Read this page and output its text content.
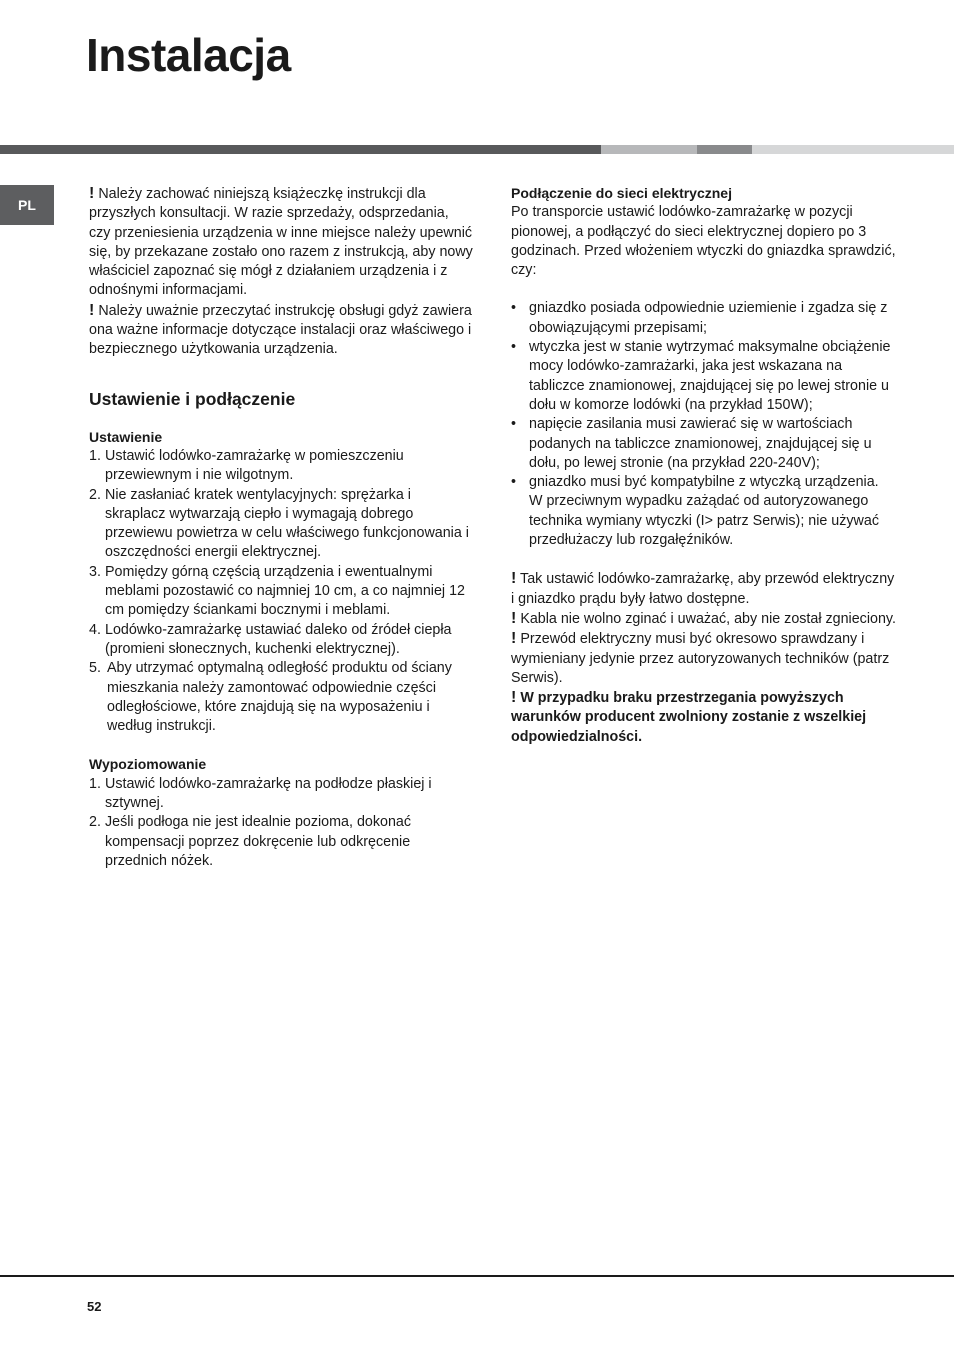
Instalacja
PL

! Należy zachować niniejszą książeczkę instrukcji dla przyszłych konsultacji. W razie sprzedaży, odsprzedania, czy przeniesienia urządzenia w inne miejsce należy upewnić się, by przekazane zostało ono razem z instrukcją, aby nowy właściciel zapoznać się mógł z działaniem urządzenia i z odnośnymi informacjami.

! Należy uważnie przeczytać instrukcję obsługi gdyż zawiera ona ważne informacje dotyczące instalacji oraz właściwego i bezpiecznego użytkowania urządzenia.

Ustawienie i podłączenie
Ustawienie
1. Ustawić lodówko-zamrażarkę w pomieszczeniu przewiewnym i nie wilgotnym.
2. Nie zasłaniać kratek wentylacyjnych: sprężarka i skraplacz wytwarzają ciepło i wymagają dobrego przewiewu powietrza w celu właściwego funkcjonowania i oszczędności energii elektrycznej.
3. Pomiędzy górną częścią urządzenia i ewentualnymi meblami pozostawić co najmniej 10 cm, a co najmniej 12 cm pomiędzy ściankami bocznymi i meblami.
4. Lodówko-zamrażarkę ustawiać daleko od źródeł ciepła (promieni słonecznych, kuchenki elektrycznej).
5. Aby utrzymać optymalną odległość produktu od ściany mieszkania należy zamontować odpowiednie części odległościowe, które znajdują się na wyposażeniu i według instrukcji.
Wypoziomowanie
1. Ustawić lodówko-zamrażarkę na podłodze płaskiej i sztywnej.
2. Jeśli podłoga nie jest idealnie pozioma, dokonać kompensacji poprzez dokręcenie lub odkręcenie przednich nóżek.
Podłączenie do sieci elektrycznej

Po transporcie ustawić lodówko-zamrażarkę w pozycji pionowej, a podłączyć do sieci elektrycznej dopiero po 3 godzinach. Przed włożeniem wtyczki do gniazdka sprawdzić, czy:

• gniazdko posiada odpowiednie uziemienie i zgadza się z obowiązującymi przepisami;
• wtyczka jest w stanie wytrzymać maksymalne obciążenie mocy lodówko-zamrażarki, jaka jest wskazana na tabliczce znamionowej, znajdującej się po lewej stronie u dołu w komorze lodówki (na przykład 150W);
• napięcie zasilania musi zawierać się w wartościach podanych na tabliczce znamionowej, znajdującej się u dołu, po lewej stronie (na przykład 220-240V);
• gniazdko musi być kompatybilne z wtyczką urządzenia.
W przeciwnym wypadku zażądać od autoryzowanego technika wymiany wtyczki (I> patrz Serwis); nie używać przedłużaczy lub rozgałęźników.

! Tak ustawić lodówko-zamrażarkę, aby przewód elektryczny i gniazdko prądu były łatwo dostępne.

! Kabla nie wolno zginać i uważać, aby nie został zgnieciony.

! Przewód elektryczny musi być okresowo sprawdzany i wymieniany jedynie przez autoryzowanych techników (patrz Serwis).

! W przypadku braku przestrzegania powyższych warunków producent zwolniony zostanie z wszelkiej odpowiedzialności.

52
